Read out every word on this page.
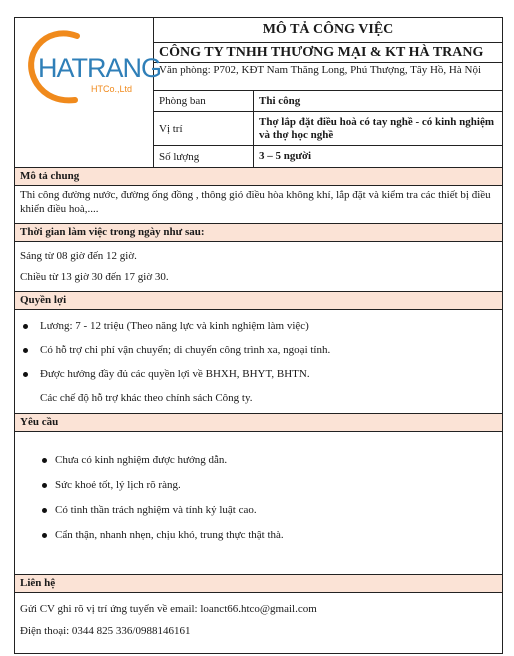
HATRANG
HTCo.,Ltd
MÔ TẢ CÔNG VIỆC
CÔNG TY TNHH THƯƠNG MẠI & KT HÀ TRANG
Văn phòng: P702, KĐT Nam Thăng Long, Phú Thượng, Tây Hồ, Hà Nội
Phòng ban	Thi công
Vị trí
Thợ lắp đặt điều hoà có tay nghề - có kinh nghiệm và thợ học nghề
Số lượng	3 – 5 người
Mô tả chung
Thi công đường nước, đường ống đồng , thông gió điều hòa không khí, lắp đặt và kiểm tra các thiết bị điều khiển điều hoà,....
Thời gian làm việc trong ngày như sau:

Sáng từ 08 giờ đến 12 giờ.

Chiều từ 13 giờ 30 đến 17 giờ 30.

Quyền lợi
Lương: 7 - 12 triệu (Theo năng lực và kinh nghiệm làm việc)
Có hỗ trợ chi phí vận chuyển; di chuyển công trình xa, ngoại tỉnh.
Được hưởng đầy đủ các quyền lợi về BHXH, BHYT, BHTN.
Các chế độ hỗ trợ khác theo chính sách Công ty.
Yêu cầu
Chưa có kinh nghiệm được hướng dẫn.
Sức khoẻ tốt, lý lịch rõ ràng.
Có tinh thần trách nghiệm và tính kỷ luật cao.
Cẩn thận, nhanh nhẹn, chịu khó, trung thực thật thà.
Liên hệ

Gửi CV ghi rõ vị trí ứng tuyển về email: loanct66.htco@gmail.com

Điện thoại: 0344 825 336/0988146161
